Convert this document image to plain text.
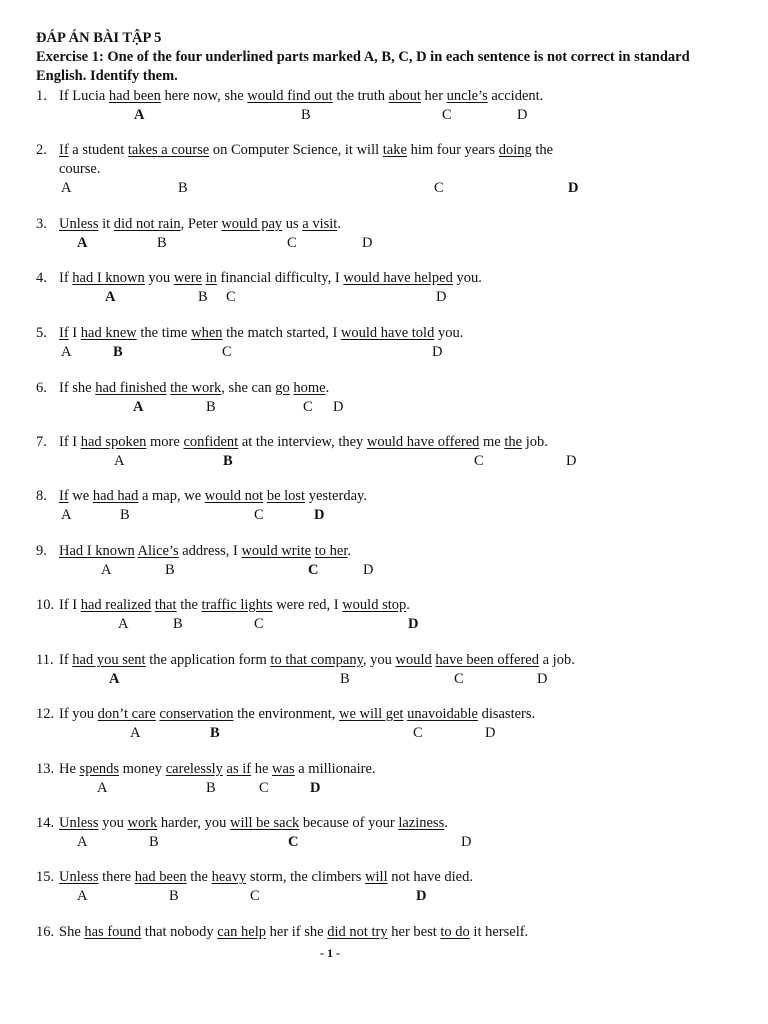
ĐÁP ÁN BÀI TẬP 5
Exercise 1: One of the four underlined parts marked A, B, C, D in each sentence is not correct in standard English. Identify them.
1. If Lucia had been here now, she would find out the truth about her uncle’s accident.
A	B	C	D
2. If a student takes a course on Computer Science, it will take him four years doing the
course.
A	B	C	D
3. Unless it did not rain, Peter would pay us a visit.
A	B	C	D
4. If had I known you were in financial difficulty, I would have helped you.
A	B C	D
5. If I had knew the time when the match started, I would have told you.
A	B	C	D
6. If she had finished the work, she can go home.
A	B	C D
7. If I had spoken more confident at the interview, they would have offered me the job.
A	B	C	D
8. If we had had a map, we would not be lost yesterday.
A	B	C	D
9. Had I known Alice’s address, I would write to her.
A	B	C	D
10. If I had realized that the traffic lights were red, I would stop.
A	B	C	D
11. If had you sent the application form to that company, you would have been offered a job.
A	B	C	D
12. If you don’t care conservation the environment, we will get unavoidable disasters.
A	B	C	D
13. He spends money carelessly as if he was a millionaire.
A	B	C	D
14. Unless you work harder, you will be sack because of your laziness.
A	B	C	D
15. Unless there had been the heavy storm, the climbers will not have died.
A	B	C	D
16. She has found that nobody can help her if she did not try her best to do it herself.
- 1 -
